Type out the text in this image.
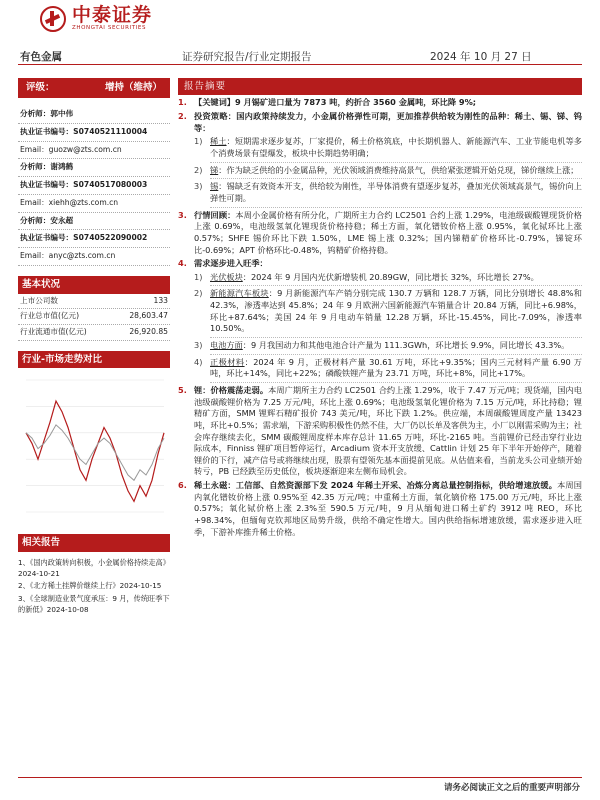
中泰证券
ZHONGTAI SECURITIES
有色金属	证券研究报告/行业定期报告	2024 年 10 月 27 日
评级：	增持（维持）
分析师：郭中伟
执业证书编号：S0740521110004
Email：guozw@zts.com.cn
分析师：谢鸿鹤
执业证书编号：S0740517080003
Email：xiehh@zts.com.cn
分析师：安永超
执业证书编号：S0740522090002
Email：anyc@zts.com.cn
基本状况
上市公司数	133
行业总市值(亿元)	28,603.47
行业流通市值(亿元)	26,920.85
行业-市场走势对比
相关报告
1、《国内政策转向积极，小金属价格持续走高》2024-10-21
2、《北方稀土挂牌价继续上行》2024-10-15
3、《全球制造业景气度承压：9 月，传统旺季下的新低》2024-10-08
报告摘要
1. 【关键词】9 月锡矿进口量为 7873 吨，约折合 3560 金属吨，环比降 9%;
2. 投资策略：国内政策持续发力，小金属价格弹性可期，更加推荐供给较为刚性的品种：稀土、锡、锑、钨等：
1) 稀土：短期需求逐步复苏，厂家提价，稀土价格筑底，中长期机器人、新能源汽车、工业节能电机等多个消费场景有望爆发，板块中长期趋势明确；
2) 锑：作为缺乏供给的小金属品种，光伏领域消费维持高景气，供给紧张逻辑开始兑现，锑价继续上涨；
3) 锡：锡缺乏有效资本开支，供给较为刚性，半导体消费有望逐步复苏，叠加光伏领域高景气，锡价向上弹性可期。
3. 行情回顾：本周小金属价格有所分化，广期所主力合约 LC2501 合约上涨 1.29%，电池级碳酸锂现货价格上涨 0.69%，电池级氢氧化锂现货价格持稳；稀土方面，氧化镨钕价格上涨 0.95%，氧化铽环比上涨 0.57%；SHFE 锡价环比下跌 1.50%，LME 锡上涨 0.32%；国内锑精矿价格环比-0.79%，锑锭环比-0.69%；APT 价格环比-0.48%，钨精矿价格持稳。
4. 需求逐步进入旺季：
1) 光伏板块：2024 年 9 月国内光伏新增装机 20.89GW，同比增长 32%，环比增长 27%。
2) 新能源汽车板块：9 月新能源汽车产销分别完成 130.7 万辆和 128.7 万辆，同比分别增长 48.8%和 42.3%，渗透率达到 45.8%；24 年 9 月欧洲六国新能源汽车销量合计 20.84 万辆，同比+6.98%，环比+87.64%；美国 24 年 9 月电动车销量 12.28 万辆，环比-15.45%，同比-7.09%，渗透率 10.50%。
3) 电池方面：9 月我国动力和其他电池合计产量为 111.3GWh，环比增长 9.9%，同比增长 43.3%。
4) 正极材料：2024 年 9 月，正极材料产量 30.61 万吨，环比+9.35%；国内三元材料产量 6.90 万吨，环比+14%，同比+22%；磷酸铁锂产量为 23.71 万吨，环比+8%，同比+17%。
5. 锂：价格震荡走弱。本周广期所主力合约 LC2501 合约上涨 1.29%，收于 7.47 万元/吨；现货端，国内电池级碳酸锂价格为 7.25 万元/吨，环比上涨 0.69%；电池级氢氧化锂价格为 7.15 万元/吨，环比持稳；锂精矿方面，SMM 锂辉石精矿报价 743 美元/吨，环比下跌 1.2%。供应端，本周碳酸锂周度产量 13423 吨，环比+0.5%；需求端，下游采购积极性仍然不佳，大厂仍以长单及客供为主，小厂以刚需采购为主；社会库存继续去化，SMM 碳酸锂周度样本库存总计 11.65 万吨，环比-2165 吨。当前锂价已经击穿行业边际成本，Finniss 锂矿项目暂停运行，Arcadium 资本开支放缓、Cattlin 计划 25 年下半年开始停产，随着锂价的下行，减产信号或将继续出现，股票有望领先基本面提前见底。从估值来看，当前龙头公司业绩开始转亏，PB 已经跌至历史低位，板块逐渐迎来左侧布局机会。
6. 稀土永磁：工信部、自然资源部下发 2024 年稀土开采、冶炼分离总量控制指标，供给增速放缓。本周国内氧化镨钕价格上涨 0.95%至 42.35 万元/吨；中重稀土方面，氧化镝价格 175.00 万元/吨，环比上涨 0.57%；氧化铽价格上涨 2.3%至 590.5 万元/吨，9 月从缅甸进口稀土矿约 3912 吨 REO，环比+98.34%，但缅甸克钦邦地区局势升级，供给不确定性增大。国内供给指标增速放缓，需求逐步进入旺季，下游补库推升稀土价格。
请务必阅读正文之后的重要声明部分
